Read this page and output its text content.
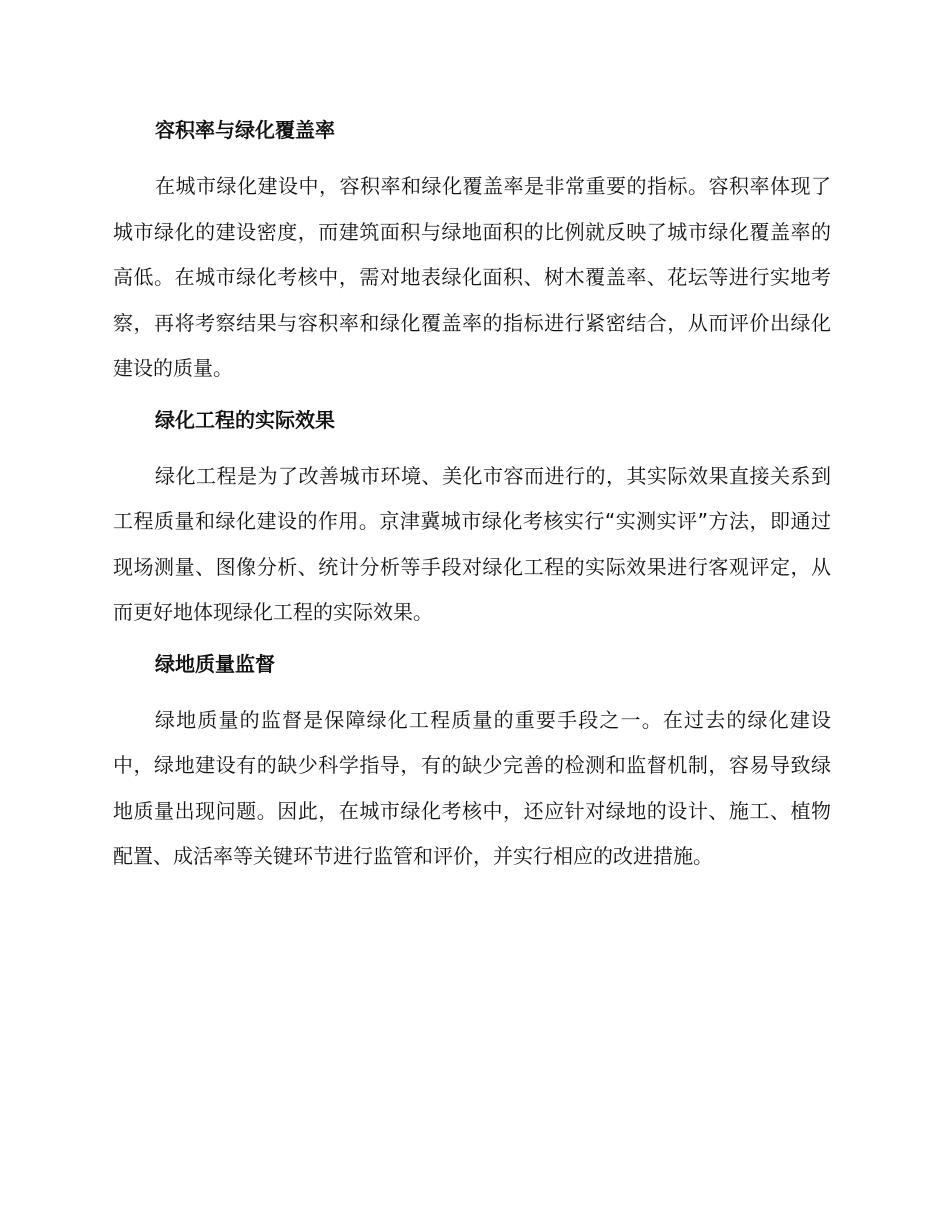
容积率与绿化覆盖率

在城市绿化建设中，容积率和绿化覆盖率是非常重要的指标。容积率体现了城市绿化的建设密度，而建筑面积与绿地面积的比例就反映了城市绿化覆盖率的高低。在城市绿化考核中，需对地表绿化面积、树木覆盖率、花坛等进行实地考察，再将考察结果与容积率和绿化覆盖率的指标进行紧密结合，从而评价出绿化建设的质量。

绿化工程的实际效果

绿化工程是为了改善城市环境、美化市容而进行的，其实际效果直接关系到工程质量和绿化建设的作用。京津冀城市绿化考核实行“实测实评”方法，即通过现场测量、图像分析、统计分析等手段对绿化工程的实际效果进行客观评定，从而更好地体现绿化工程的实际效果。

绿地质量监督

绿地质量的监督是保障绿化工程质量的重要手段之一。在过去的绿化建设中，绿地建设有的缺少科学指导，有的缺少完善的检测和监督机制，容易导致绿地质量出现问题。因此，在城市绿化考核中，还应针对绿地的设计、施工、植物配置、成活率等关键环节进行监管和评价，并实行相应的改进措施。
